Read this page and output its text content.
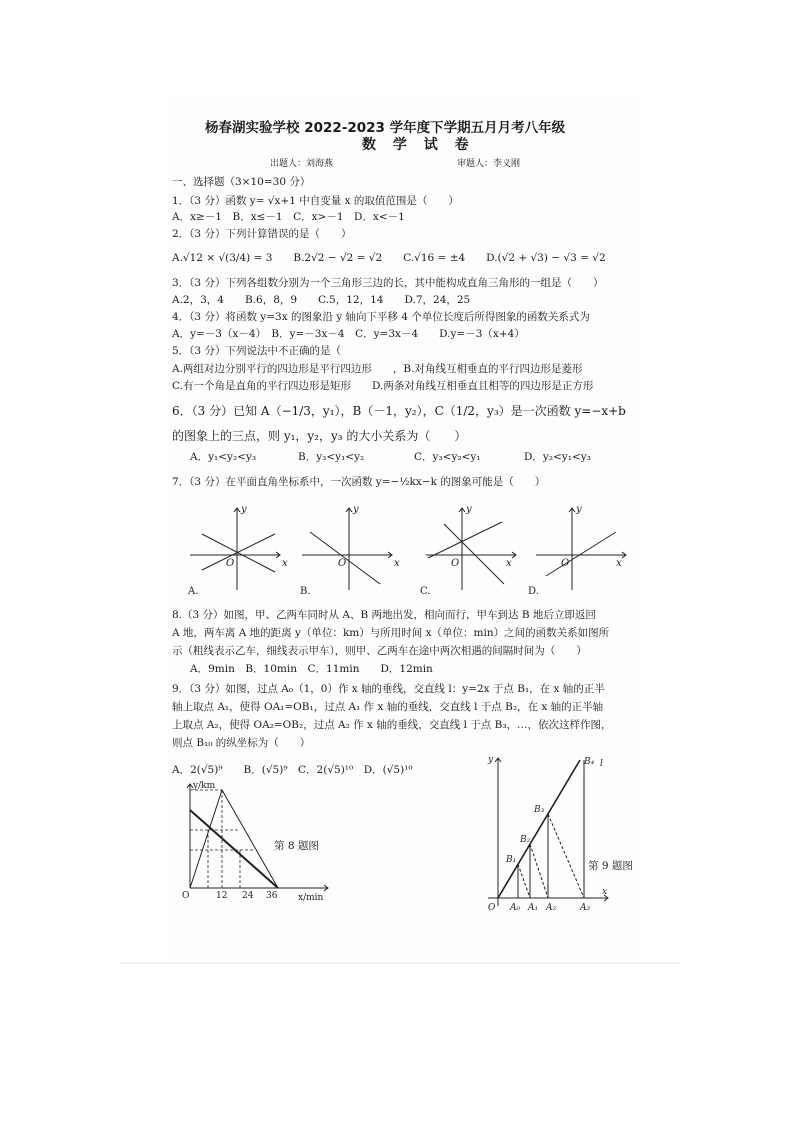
杨春湖实验学校 2022-2023 学年度下学期五月月考八年级
数 学 试 卷
出题人：刘海燕	审题人：李义刚
一、选择题（3×10=30 分）
1．（3 分）函数 y= √x+1 中自变量 x 的取值范围是（　　）
A．x≥－1　B．x≤－1　C．x>－1　D．x<－1
2．（3 分）下列计算错误的是（　　）
A.√12 × √(3/4) = 3　　B.2√2 − √2 = √2　　C.√16 = ±4　　D.(√2 + √3) − √3 = √2
3．（3 分）下列各组数分别为一个三角形三边的长，其中能构成直角三角形的一组是（　　）
A.2，3，4　　B.6，8，9　　C.5，12，14　　D.7，24，25
4．（3 分）将函数 y=3x 的图象沿 y 轴向下平移 4 个单位长度后所得图象的函数关系式为
A．y=－3（x－4）　B．y=－3x－4　C．y=3x－4　　D.y=－3（x+4）
5．（3 分）下列说法中不正确的是（
A.两组对边分别平行的四边形是平行四边形　　，B.对角线互相垂直的平行四边形是菱形
C.有一个角是直角的平行四边形是矩形　　D.两条对角线互相垂直且相等的四边形是正方形
6．（3 分）已知 A（−1/3，y₁），B（－1，y₂），C（1/2，y₃）是一次函数 y=−x+b
的图象上的三点，则 y₁，y₂，y₃ 的大小关系为（　　）
A．y₁<y₂<y₃	B．y₃<y₁<y₂	C．y₃<y₂<y₁	D．y₂<y₁<y₃
7．（3 分）在平面直角坐标系中，一次函数 y=−½kx−k 的图象可能是（　　）
y
x
O
y
x
O
y
x
O
y
x
O
A.	B.	C.	D.
8.（3 分）如图，甲、乙两车同时从 A、B 两地出发，相向而行，甲车到达 B 地后立即返回
A 地，两车离 A 地的距离 y（单位：km）与所用时间 x（单位：min）之间的函数关系如图所
示（粗线表示乙车，细线表示甲车），则甲、乙两车在途中两次相遇的间隔时间为（　　）
A．9min　B．10min　C．11min　　D．12min
9．（3 分）如图，过点 A₀（1，0）作 x 轴的垂线，交直线 l：y=2x 于点 B₁，在 x 轴的正半
轴上取点 A₁，使得 OA₁=OB₁，过点 A₁ 作 x 轴的垂线，交直线 l 于点 B₂，在 x 轴的正半轴
上取点 A₂，使得 OA₂=OB₂，过点 A₂ 作 x 轴的垂线，交直线 l 于点 B₃，…，依次这样作图，
则点 B₁₀ 的纵坐标为（　　）
A．2(√5)⁹　　B．(√5)⁹　C．2(√5)¹⁰　D．(√5)¹⁰
y/km
x/min
O	12 24 36
第 8 题图
y
x
O
l
B₁
B₂
B₃
B₄
A₀ A₁ A₂	A₃
第 9 题图
